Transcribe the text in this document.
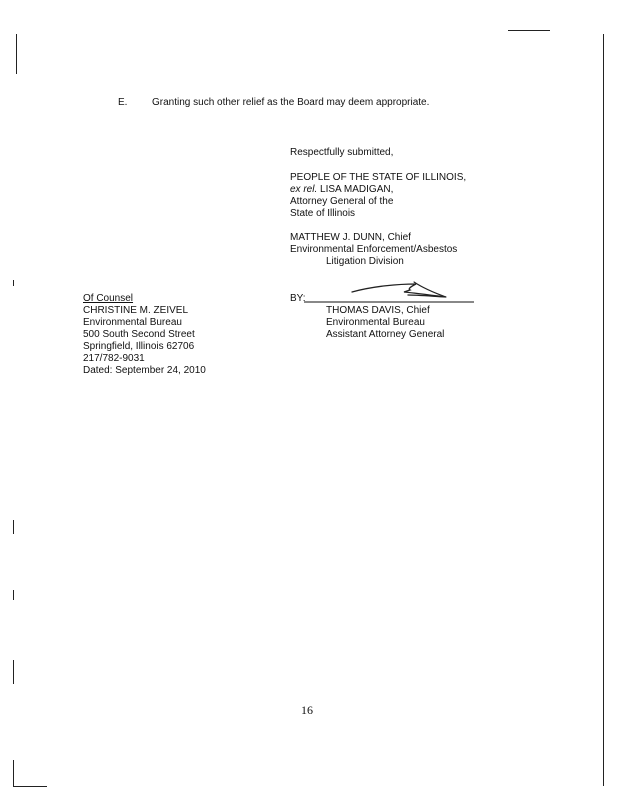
E. Granting such other relief as the Board may deem appropriate.
Respectfully submitted,
PEOPLE OF THE STATE OF ILLINOIS,
ex rel. LISA MADIGAN,
Attorney General of the
State of Illinois
MATTHEW J. DUNN, Chief
Environmental Enforcement/Asbestos
Litigation Division
BY:
THOMAS DAVIS, Chief
Environmental Bureau
Assistant Attorney General
Of Counsel
CHRISTINE M. ZEIVEL
Environmental Bureau
500 South Second Street
Springfield, Illinois 62706
217/782-9031
Dated: September 24, 2010
16
